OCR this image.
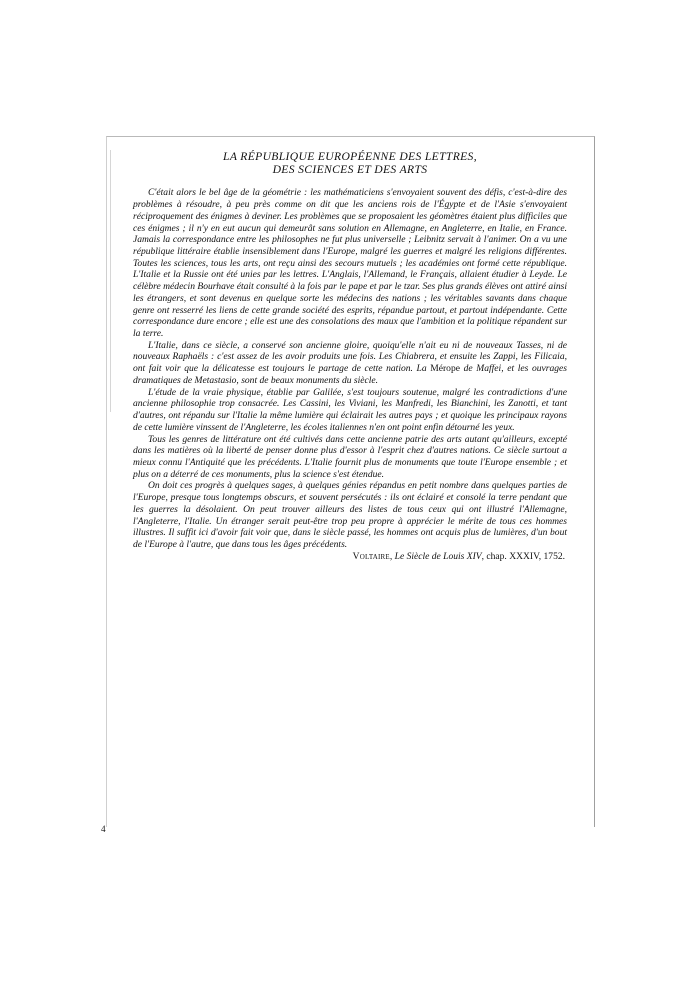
LA RÉPUBLIQUE EUROPÉENNE DES LETTRES,
DES SCIENCES ET DES ARTS

C'était alors le bel âge de la géométrie : les mathématiciens s'envoyaient souvent des défis, c'est-à-dire des problèmes à résoudre, à peu près comme on dit que les anciens rois de l'Égypte et de l'Asie s'envoyaient réciproquement des énigmes à deviner. Les problèmes que se proposaient les géomètres étaient plus difficiles que ces énigmes ; il n'y en eut aucun qui demeurât sans solution en Allemagne, en Angleterre, en Italie, en France. Jamais la correspondance entre les philosophes ne fut plus universelle ; Leibnitz servait à l'animer. On a vu une république littéraire établie insensiblement dans l'Europe, malgré les guerres et malgré les religions différentes. Toutes les sciences, tous les arts, ont reçu ainsi des secours mutuels ; les académies ont formé cette république. L'Italie et la Russie ont été unies par les lettres. L'Anglais, l'Allemand, le Français, allaient étudier à Leyde. Le célèbre médecin Bourhave était consulté à la fois par le pape et par le tzar. Ses plus grands élèves ont attiré ainsi les étrangers, et sont devenus en quelque sorte les médecins des nations ; les véritables savants dans chaque genre ont resserré les liens de cette grande société des esprits, répandue partout, et partout indépendante. Cette correspondance dure encore ; elle est une des consolations des maux que l'ambition et la politique répandent sur la terre.

L'Italie, dans ce siècle, a conservé son ancienne gloire, quoiqu'elle n'ait eu ni de nouveaux Tasses, ni de nouveaux Raphaëls : c'est assez de les avoir produits une fois. Les Chiabrera, et ensuite les Zappi, les Filicaia, ont fait voir que la délicatesse est toujours le partage de cette nation. La Mérope de Maffei, et les ouvrages dramatiques de Metastasio, sont de beaux monuments du siècle.

L'étude de la vraie physique, établie par Galilée, s'est toujours soutenue, malgré les contradictions d'une ancienne philosophie trop consacrée. Les Cassini, les Viviani, les Manfredi, les Bianchini, les Zanotti, et tant d'autres, ont répandu sur l'Italie la même lumière qui éclairait les autres pays ; et quoique les principaux rayons de cette lumière vinssent de l'Angleterre, les écoles italiennes n'en ont point enfin détourné les yeux.

Tous les genres de littérature ont été cultivés dans cette ancienne patrie des arts autant qu'ailleurs, excepté dans les matières où la liberté de penser donne plus d'essor à l'esprit chez d'autres nations. Ce siècle surtout a mieux connu l'Antiquité que les précédents. L'Italie fournit plus de monuments que toute l'Europe ensemble ; et plus on a déterré de ces monuments, plus la science s'est étendue.

On doit ces progrès à quelques sages, à quelques génies répandus en petit nombre dans quelques parties de l'Europe, presque tous longtemps obscurs, et souvent persécutés : ils ont éclairé et consolé la terre pendant que les guerres la désolaient. On peut trouver ailleurs des listes de tous ceux qui ont illustré l'Allemagne, l'Angleterre, l'Italie. Un étranger serait peut-être trop peu propre à apprécier le mérite de tous ces hommes illustres. Il suffit ici d'avoir fait voir que, dans le siècle passé, les hommes ont acquis plus de lumières, d'un bout de l'Europe à l'autre, que dans tous les âges précédents.

Voltaire, Le Siècle de Louis XIV, chap. XXXIV, 1752.

4
